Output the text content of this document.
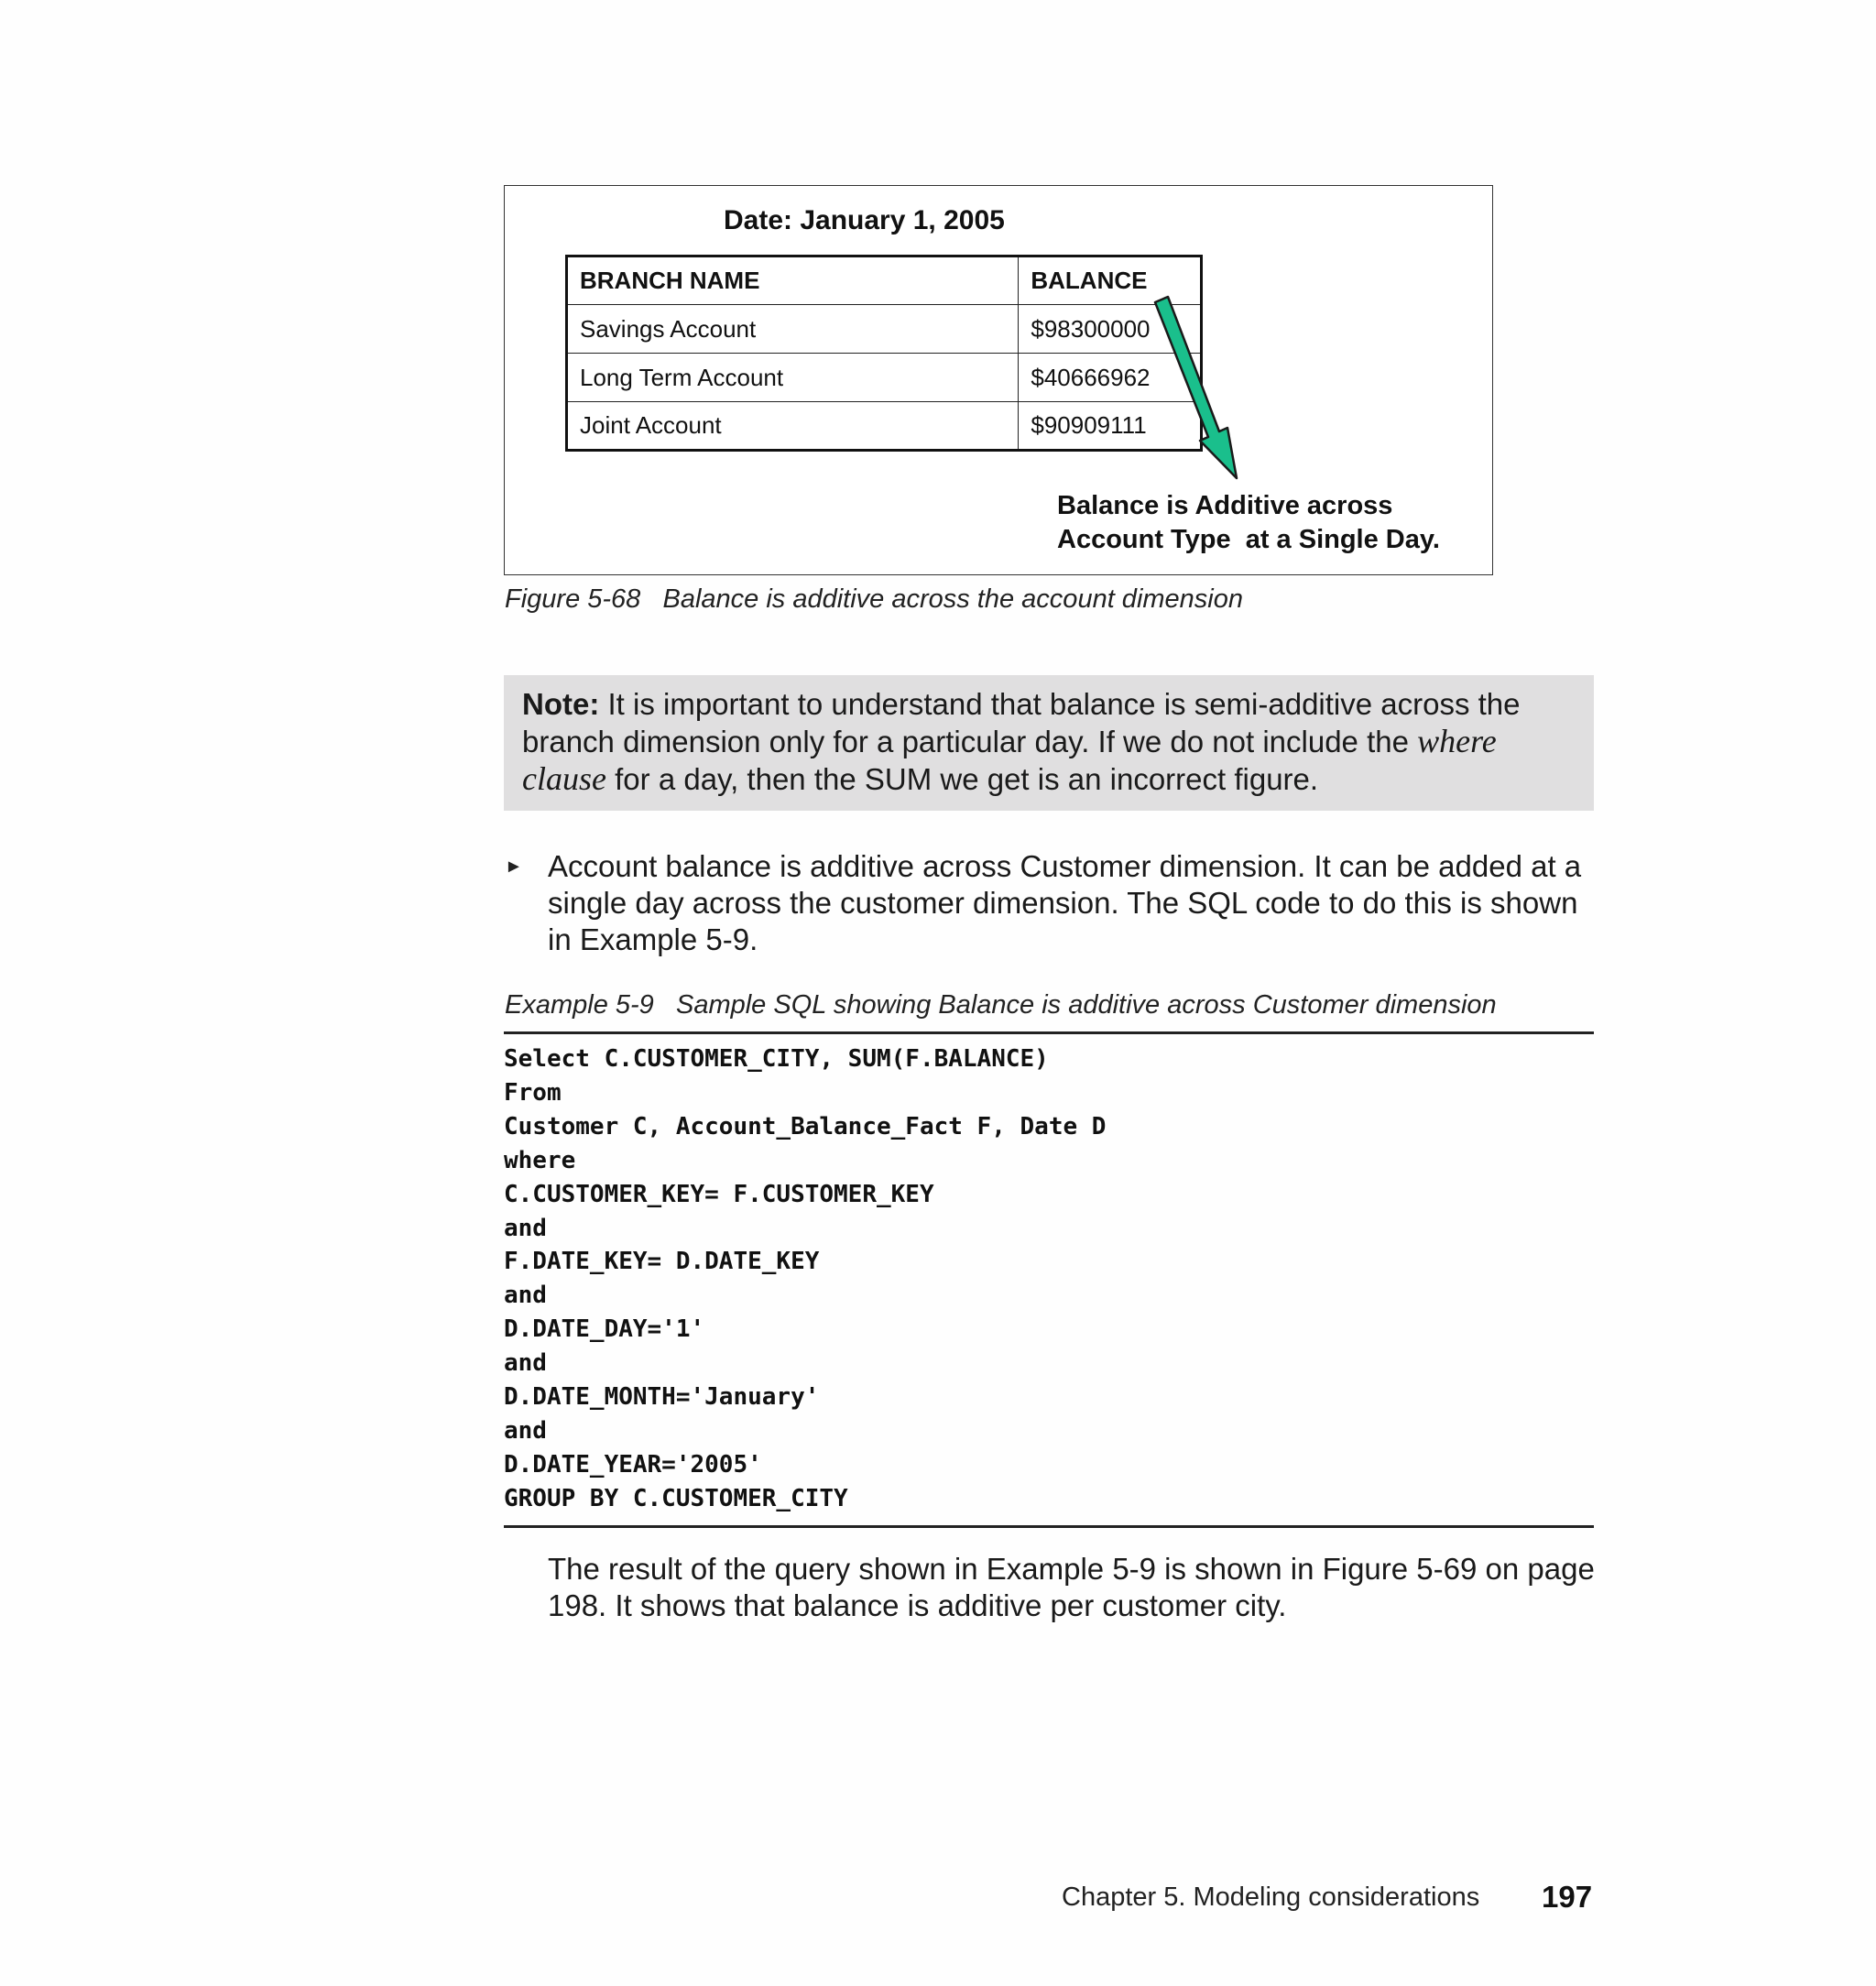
Date: January 1, 2005
BRANCH NAME	BALANCE
Savings Account	$98300000
Long Term Account	$40666962
Joint Account	$90909111
Balance is Additive across
Account Type  at a Single Day.
Figure 5-68   Balance is additive across the account dimension
Note: It is important to understand that balance is semi-additive across the branch dimension only for a particular day. If we do not include the where clause for a day, then the SUM we get is an incorrect figure.
► Account balance is additive across Customer dimension. It can be added at a single day across the customer dimension. The SQL code to do this is shown in Example 5-9.
Example 5-9   Sample SQL showing Balance is additive across Customer dimension
Select C.CUSTOMER_CITY, SUM(F.BALANCE)
From
Customer C, Account_Balance_Fact F, Date D
where
C.CUSTOMER_KEY= F.CUSTOMER_KEY
and
F.DATE_KEY= D.DATE_KEY
and
D.DATE_DAY='1'
and
D.DATE_MONTH='January'
and
D.DATE_YEAR='2005'
GROUP BY C.CUSTOMER_CITY
The result of the query shown in Example 5-9 is shown in Figure 5-69 on page 198. It shows that balance is additive per customer city.
Chapter 5. Modeling considerations 197
